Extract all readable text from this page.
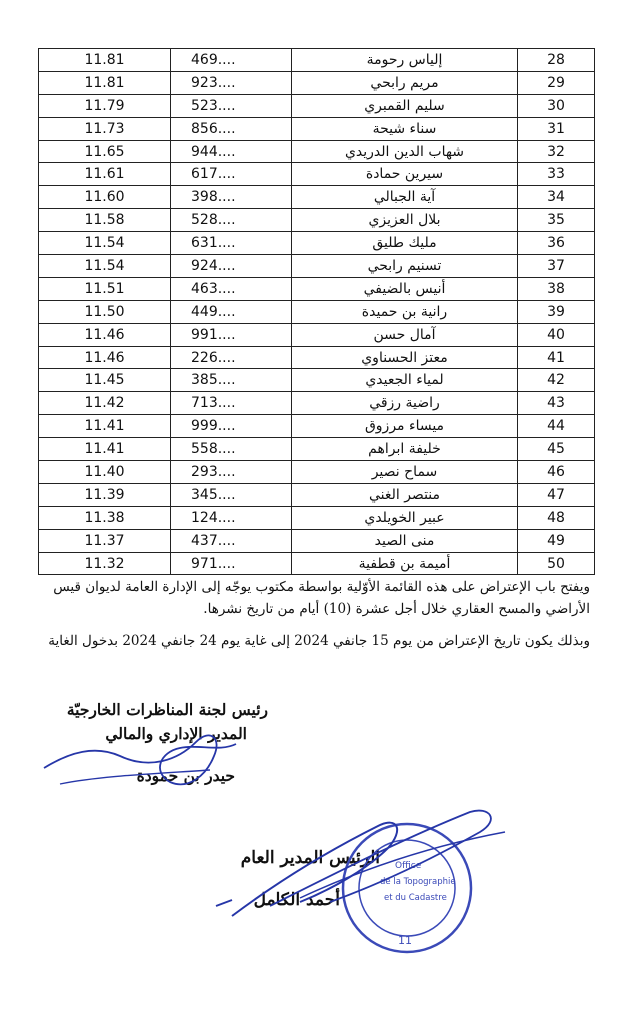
11.81	469....	إلياس رحومة	28
11.81	923....	مريم رابحي	29
11.79	523....	سليم القمبري	30
11.73	856....	سناء شيحة	31
11.65	944....	شهاب الدين الدريدي	32
11.61	617....	سيرين حمادة	33
11.60	398....	آية الجبالي	34
11.58	528....	بلال العزيزي	35
11.54	631....	مليك طليق	36
11.54	924....	تسنيم رابحي	37
11.51	463....	أنيس بالضيفي	38
11.50	449....	رانية بن حميدة	39
11.46	991....	آمال حسن	40
11.46	226....	معتز الحسناوي	41
11.45	385....	لمياء الجعيدي	42
11.42	713....	راضية رزقي	43
11.41	999....	ميساء مرزوق	44
11.41	558....	خليفة ابراهم	45
11.40	293....	سماح نصير	46
11.39	345....	منتصر الغني	47
11.38	124....	عبير الخويلدي	48
11.37	437....	منى الصيد	49
11.32	971....	أميمة بن قطفية	50

ويفتح باب الإعتراض على هذه القائمة الأوّلية بواسطة مكتوب يوجّه إلى الإدارة العامة لديوان قيس الأراضي والمسح العقاري خلال أجل عشرة (10) أيام من تاريخ نشرها.

وبذلك يكون تاريخ الإعتراض من يوم 15 جانفي 2024 إلى غاية يوم 24 جانفي 2024 بدخول الغاية

رئيس لجنة المناظرات الخارجيّة
المدير الإداري والمالي
حيدر بن حمودة
الرئيس المدير العام
أحمد الكامل
Office
de la Topographie
et du Cadastre
11
